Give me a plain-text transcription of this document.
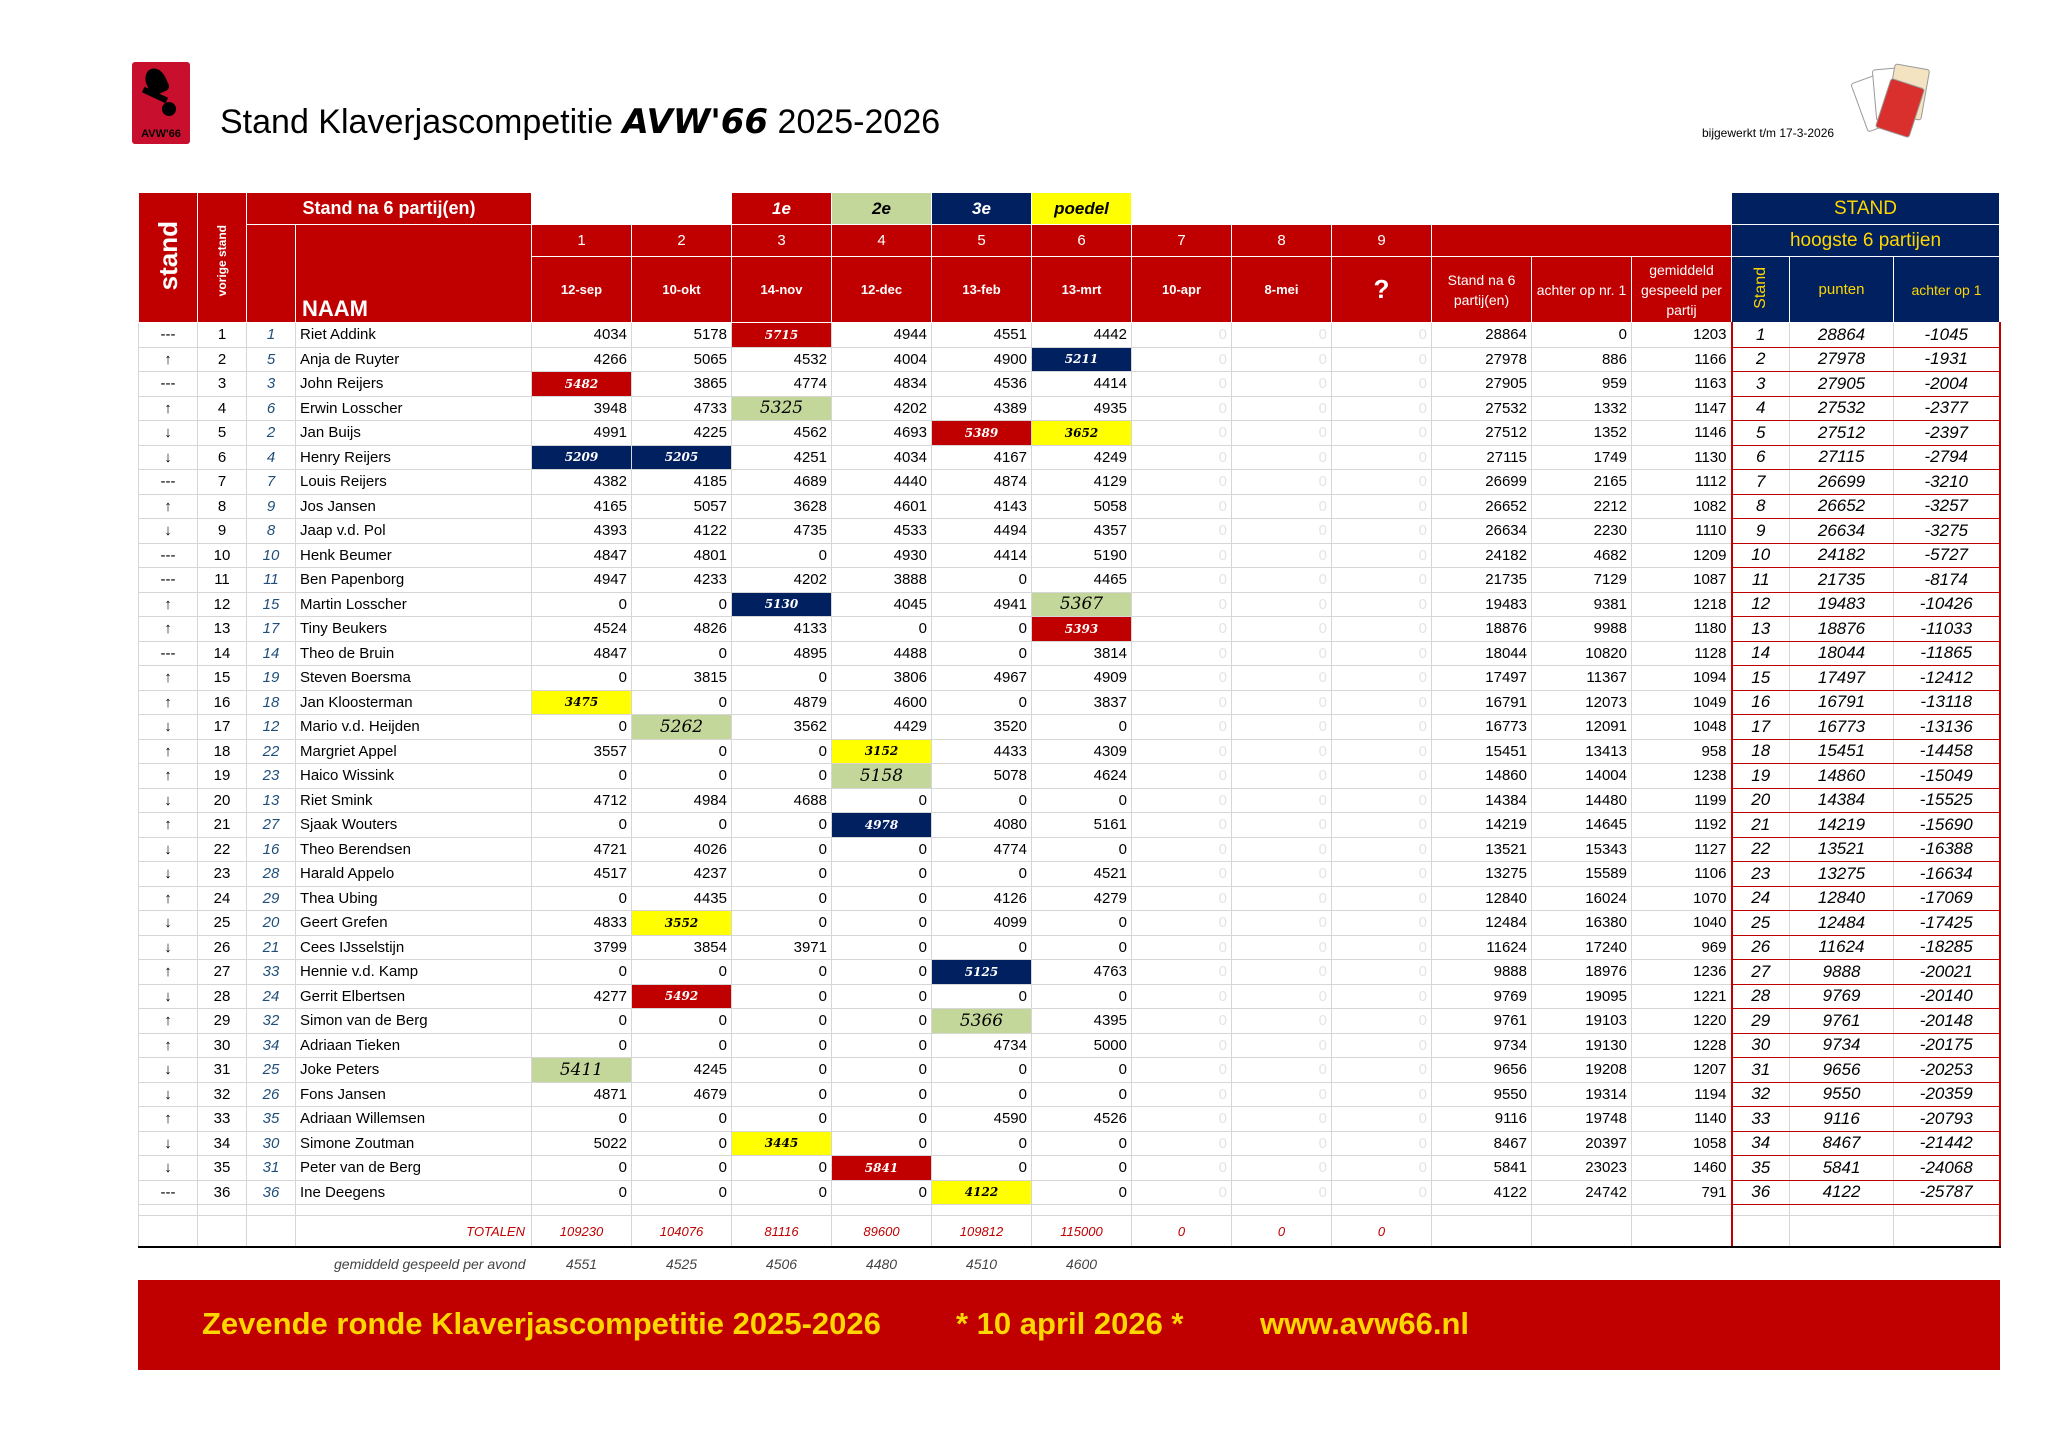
AVW'66 Stand Klaverjascompetitie AVW'66 2025-2026	bijgewerkt t/m 17-3-2026
stand	vorige stand	Stand na 6 partij(en)				1e	2e	3e	poedel							STAND		
			NAAM	1	2	3	4	5	6	7	8	9				hoogste 6 partijen		
				12-sep	10-okt	14-nov	12-dec	13-feb	13-mrt	10-apr	8-mei	?	Stand na 6 partij(en)	achter op nr. 1	gemiddeld gespeeld per partij	Stand	punten	achter op 1
---	1	1	Riet Addink	4034	5178	5715	4944	4551	4442	0	0	0	28864	0	1203	1	28864	-1045
↑	2	5	Anja de Ruyter	4266	5065	4532	4004	4900	5211	0	0	0	27978	886	1166	2	27978	-1931
---	3	3	John Reijers	5482	3865	4774	4834	4536	4414	0	0	0	27905	959	1163	3	27905	-2004
↑	4	6	Erwin Losscher	3948	4733	5325	4202	4389	4935	0	0	0	27532	1332	1147	4	27532	-2377
↓	5	2	Jan Buijs	4991	4225	4562	4693	5389	3652	0	0	0	27512	1352	1146	5	27512	-2397
↓	6	4	Henry Reijers	5209	5205	4251	4034	4167	4249	0	0	0	27115	1749	1130	6	27115	-2794
---	7	7	Louis Reijers	4382	4185	4689	4440	4874	4129	0	0	0	26699	2165	1112	7	26699	-3210
↑	8	9	Jos Jansen	4165	5057	3628	4601	4143	5058	0	0	0	26652	2212	1082	8	26652	-3257
↓	9	8	Jaap v.d. Pol	4393	4122	4735	4533	4494	4357	0	0	0	26634	2230	1110	9	26634	-3275
---	10	10	Henk Beumer	4847	4801	0	4930	4414	5190	0	0	0	24182	4682	1209	10	24182	-5727
---	11	11	Ben Papenborg	4947	4233	4202	3888	0	4465	0	0	0	21735	7129	1087	11	21735	-8174
↑	12	15	Martin Losscher	0	0	5130	4045	4941	5367	0	0	0	19483	9381	1218	12	19483	-10426
↑	13	17	Tiny Beukers	4524	4826	4133	0	0	5393	0	0	0	18876	9988	1180	13	18876	-11033
---	14	14	Theo de Bruin	4847	0	4895	4488	0	3814	0	0	0	18044	10820	1128	14	18044	-11865
↑	15	19	Steven Boersma	0	3815	0	3806	4967	4909	0	0	0	17497	11367	1094	15	17497	-12412
↑	16	18	Jan Kloosterman	3475	0	4879	4600	0	3837	0	0	0	16791	12073	1049	16	16791	-13118
↓	17	12	Mario v.d. Heijden	0	5262	3562	4429	3520	0	0	0	0	16773	12091	1048	17	16773	-13136
↑	18	22	Margriet Appel	3557	0	0	3152	4433	4309	0	0	0	15451	13413	958	18	15451	-14458
↑	19	23	Haico Wissink	0	0	0	5158	5078	4624	0	0	0	14860	14004	1238	19	14860	-15049
↓	20	13	Riet Smink	4712	4984	4688	0	0	0	0	0	0	14384	14480	1199	20	14384	-15525
↑	21	27	Sjaak Wouters	0	0	0	4978	4080	5161	0	0	0	14219	14645	1192	21	14219	-15690
↓	22	16	Theo Berendsen	4721	4026	0	0	4774	0	0	0	0	13521	15343	1127	22	13521	-16388
↓	23	28	Harald Appelo	4517	4237	0	0	0	4521	0	0	0	13275	15589	1106	23	13275	-16634
↑	24	29	Thea Ubing	0	4435	0	0	4126	4279	0	0	0	12840	16024	1070	24	12840	-17069
↓	25	20	Geert Grefen	4833	3552	0	0	4099	0	0	0	0	12484	16380	1040	25	12484	-17425
↓	26	21	Cees IJsselstijn	3799	3854	3971	0	0	0	0	0	0	11624	17240	969	26	11624	-18285
↑	27	33	Hennie v.d. Kamp	0	0	0	0	5125	4763	0	0	0	9888	18976	1236	27	9888	-20021
↓	28	24	Gerrit Elbertsen	4277	5492	0	0	0	0	0	0	0	9769	19095	1221	28	9769	-20140
↑	29	32	Simon van de Berg	0	0	0	0	5366	4395	0	0	0	9761	19103	1220	29	9761	-20148
↑	30	34	Adriaan Tieken	0	0	0	0	4734	5000	0	0	0	9734	19130	1228	30	9734	-20175
↓	31	25	Joke Peters	5411	4245	0	0	0	0	0	0	0	9656	19208	1207	31	9656	-20253
↓	32	26	Fons Jansen	4871	4679	0	0	0	0	0	0	0	9550	19314	1194	32	9550	-20359
↑	33	35	Adriaan Willemsen	0	0	0	0	4590	4526	0	0	0	9116	19748	1140	33	9116	-20793
↓	34	30	Simone Zoutman	5022	0	3445	0	0	0	0	0	0	8467	20397	1058	34	8467	-21442
↓	35	31	Peter van de Berg	0	0	0	5841	0	0	0	0	0	5841	23023	1460	35	5841	-24068
---	36	36	Ine Deegens	0	0	0	0	4122	0	0	0	0	4122	24742	791	36	4122	-25787

			TOTALEN	109230	104076	81116	89600	109812	115000	0	0	0						
gemiddeld gespeeld per avond				4551	4525	4506	4480	4510	4600									

Zevende ronde Klaverjascompetitie 2025-2026 * 10 april 2026 * www.avw66.nl
